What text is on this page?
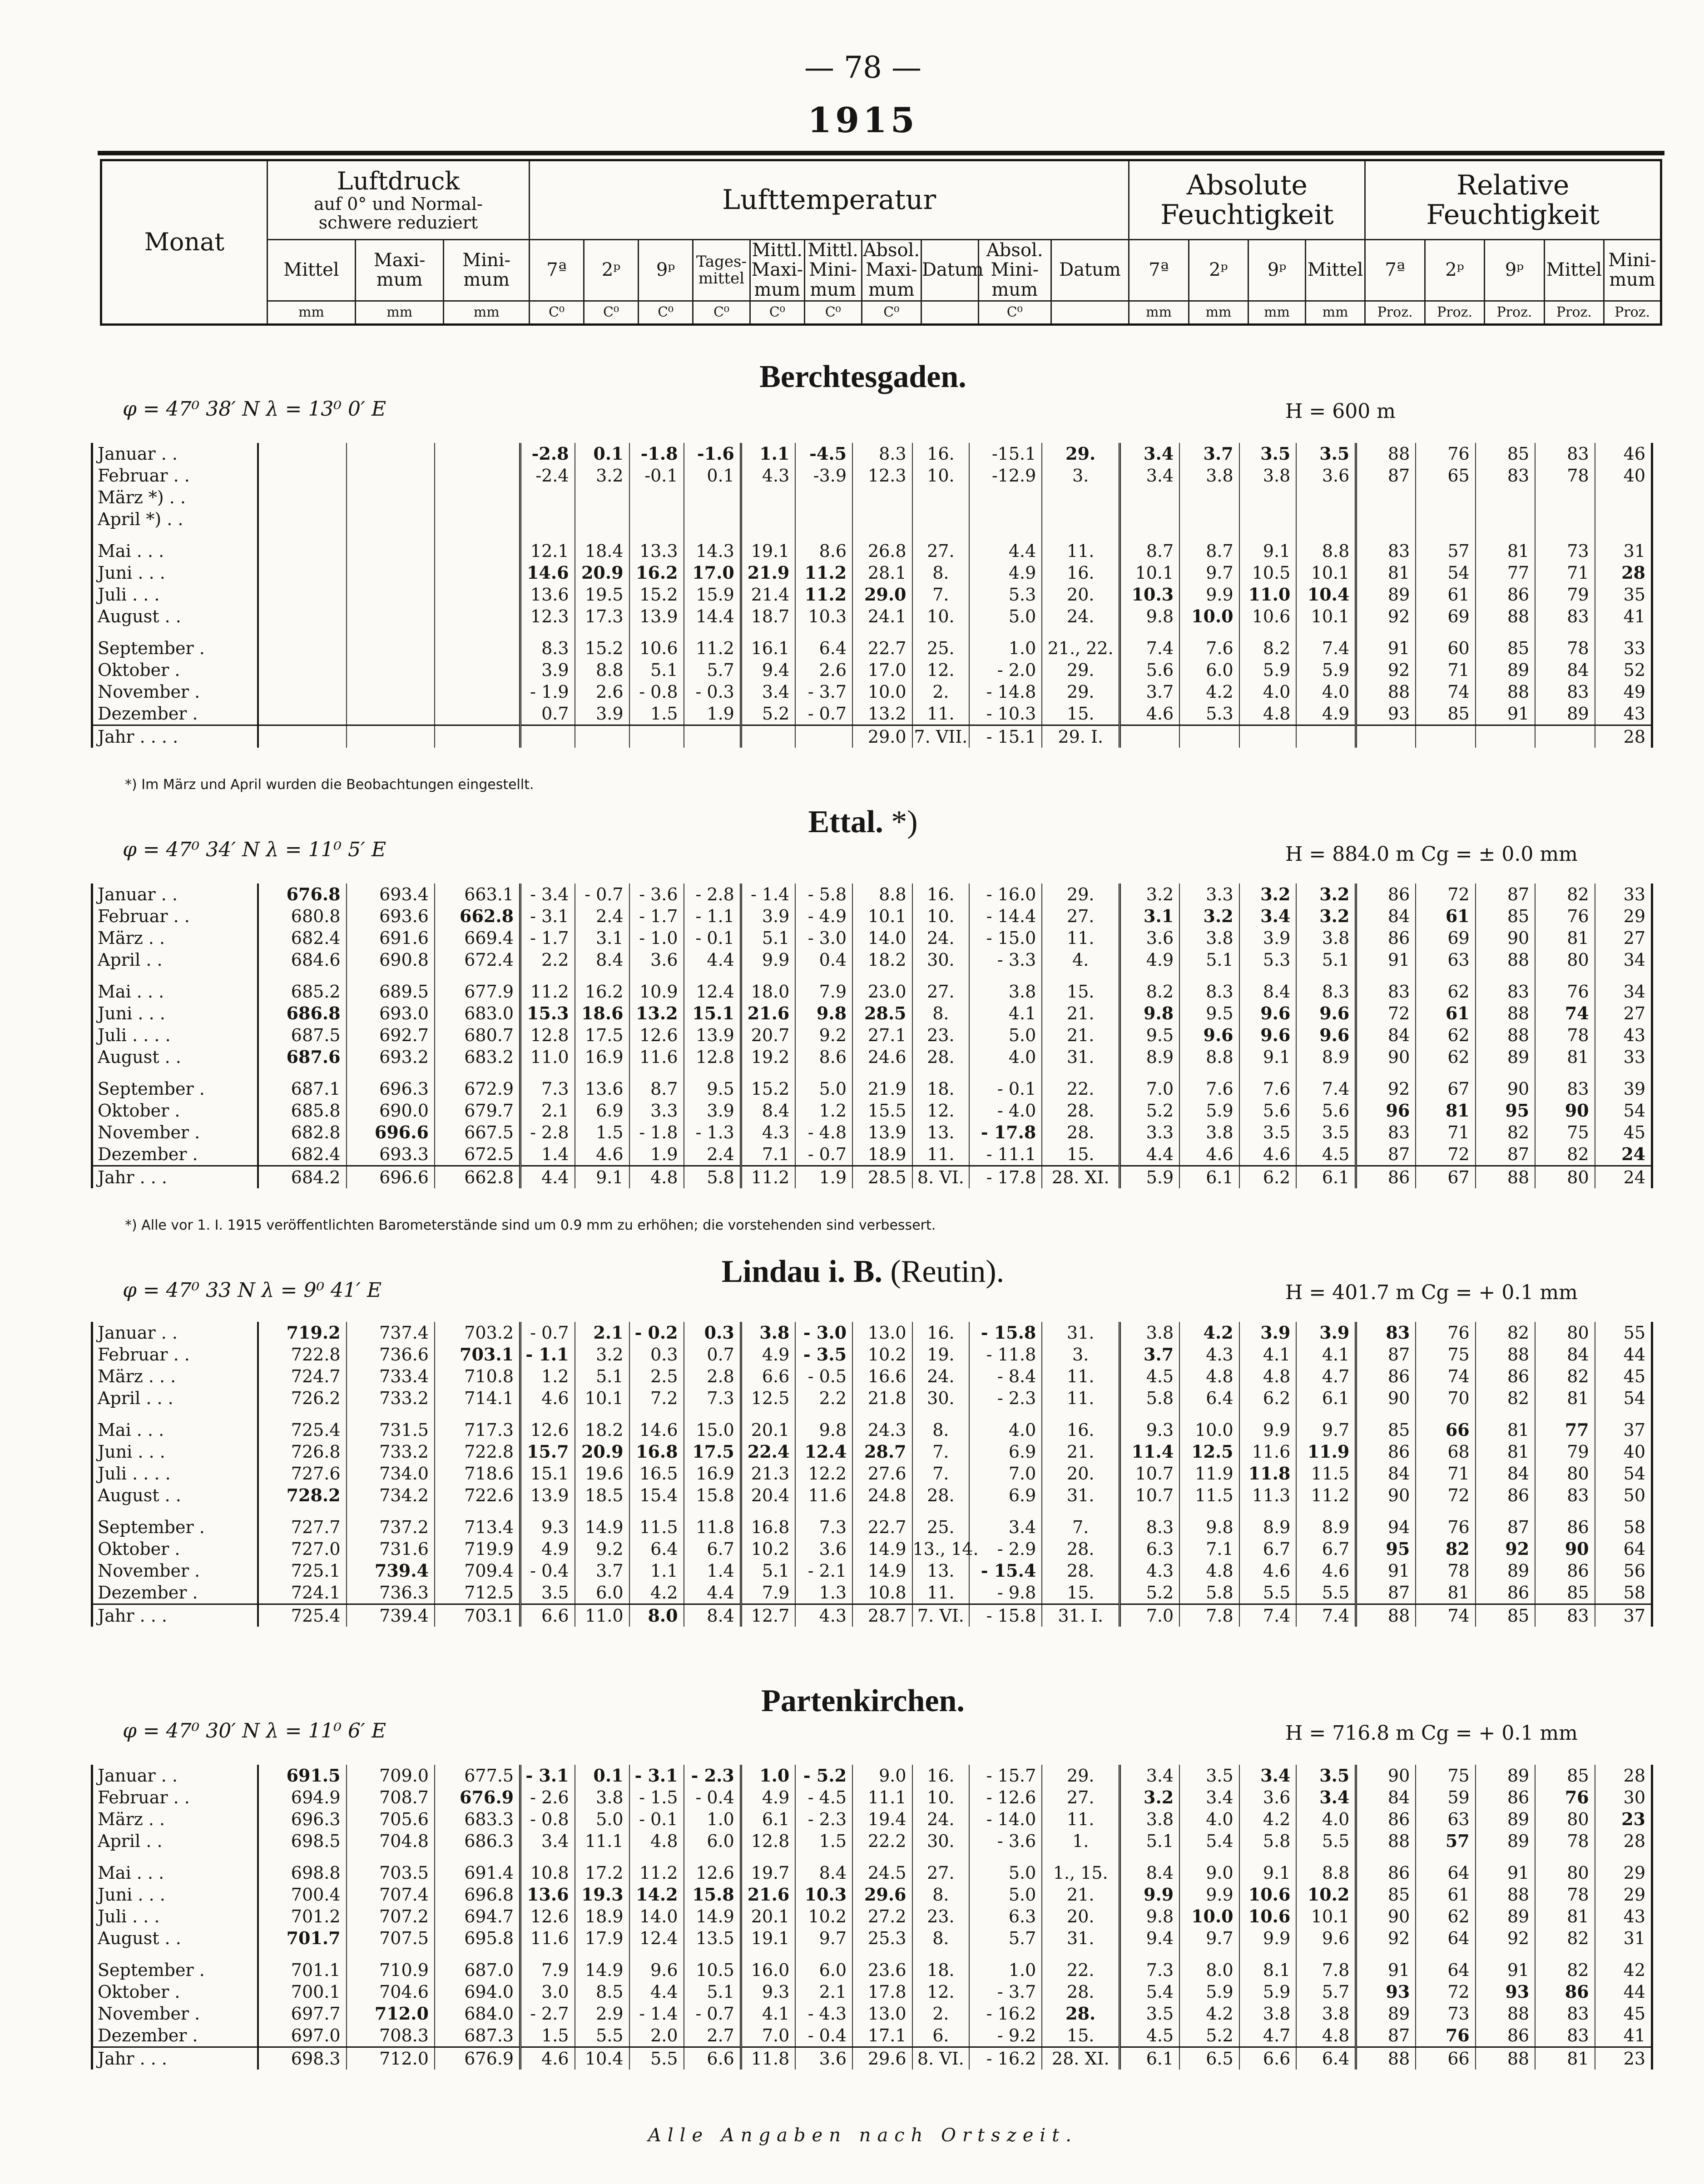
— 78 —
1915
Monat	Luftdruck
auf 0° und Normal-schwere reduziert			Lufttemperatur										Absolute Feuchtigkeit				Relative Feuchtigkeit				
	Mittel	Maxi-mum	Mini-mum	7ª	2ᵖ	9ᵖ	Tages-mittel	Mittl. Maxi-mum	Mittl. Mini-mum	Absol. Maxi-mum	Datum	Absol. Mini-mum	Datum	7ª	2ᵖ	9ᵖ	Mittel	7ª	2ᵖ	9ᵖ	Mittel	Mini-mum
	mm	mm	mm	C⁰	C⁰	C⁰	C⁰	C⁰	C⁰	C⁰		C⁰		mm	mm	mm	mm	Proz.	Proz.	Proz.	Proz.	Proz.
Berchtesgaden.
φ = 47⁰ 38′ N λ = 13⁰ 0′ E	H = 600 m
Januar . .				-2.8	0.1	-1.8	-1.6	1.1	-4.5	8.3	16.	-15.1	29.	3.4	3.7	3.5	3.5	88	76	85	83	46
Februar . .				-2.4	3.2	-0.1	0.1	4.3	-3.9	12.3	10.	-12.9	3.	3.4	3.8	3.8	3.6	87	65	83	78	40
März *) . .																						
April *) . .																						
Mai . . .				12.1	18.4	13.3	14.3	19.1	8.6	26.8	27.	4.4	11.	8.7	8.7	9.1	8.8	83	57	81	73	31
Juni . . .				14.6	20.9	16.2	17.0	21.9	11.2	28.1	8.	4.9	16.	10.1	9.7	10.5	10.1	81	54	77	71	28
Juli . . .				13.6	19.5	15.2	15.9	21.4	11.2	29.0	7.	5.3	20.	10.3	9.9	11.0	10.4	89	61	86	79	35
August . .				12.3	17.3	13.9	14.4	18.7	10.3	24.1	10.	5.0	24.	9.8	10.0	10.6	10.1	92	69	88	83	41
September .				8.3	15.2	10.6	11.2	16.1	6.4	22.7	25.	1.0	21., 22.	7.4	7.6	8.2	7.4	91	60	85	78	33
Oktober .				3.9	8.8	5.1	5.7	9.4	2.6	17.0	12.	- 2.0	29.	5.6	6.0	5.9	5.9	92	71	89	84	52
November .				- 1.9	2.6	- 0.8	- 0.3	3.4	- 3.7	10.0	2.	- 14.8	29.	3.7	4.2	4.0	4.0	88	74	88	83	49
Dezember .				0.7	3.9	1.5	1.9	5.2	- 0.7	13.2	11.	- 10.3	15.	4.6	5.3	4.8	4.9	93	85	91	89	43
Jahr . . . .										29.0	7. VII.	- 15.1	29. I.									28
*) Im März und April wurden die Beobachtungen eingestellt.
Ettal. *)
φ = 47⁰ 34′ N λ = 11⁰ 5′ E	H = 884.0 m Cg = ± 0.0 mm
Januar . .	676.8	693.4	663.1	- 3.4	- 0.7	- 3.6	- 2.8	- 1.4	- 5.8	8.8	16.	- 16.0	29.	3.2	3.3	3.2	3.2	86	72	87	82	33
Februar . .	680.8	693.6	662.8	- 3.1	2.4	- 1.7	- 1.1	3.9	- 4.9	10.1	10.	- 14.4	27.	3.1	3.2	3.4	3.2	84	61	85	76	29
März . .	682.4	691.6	669.4	- 1.7	3.1	- 1.0	- 0.1	5.1	- 3.0	14.0	24.	- 15.0	11.	3.6	3.8	3.9	3.8	86	69	90	81	27
April . .	684.6	690.8	672.4	2.2	8.4	3.6	4.4	9.9	0.4	18.2	30.	- 3.3	4.	4.9	5.1	5.3	5.1	91	63	88	80	34
Mai . . .	685.2	689.5	677.9	11.2	16.2	10.9	12.4	18.0	7.9	23.0	27.	3.8	15.	8.2	8.3	8.4	8.3	83	62	83	76	34
Juni . . .	686.8	693.0	683.0	15.3	18.6	13.2	15.1	21.6	9.8	28.5	8.	4.1	21.	9.8	9.5	9.6	9.6	72	61	88	74	27
Juli . . . .	687.5	692.7	680.7	12.8	17.5	12.6	13.9	20.7	9.2	27.1	23.	5.0	21.	9.5	9.6	9.6	9.6	84	62	88	78	43
August . .	687.6	693.2	683.2	11.0	16.9	11.6	12.8	19.2	8.6	24.6	28.	4.0	31.	8.9	8.8	9.1	8.9	90	62	89	81	33
September .	687.1	696.3	672.9	7.3	13.6	8.7	9.5	15.2	5.0	21.9	18.	- 0.1	22.	7.0	7.6	7.6	7.4	92	67	90	83	39
Oktober .	685.8	690.0	679.7	2.1	6.9	3.3	3.9	8.4	1.2	15.5	12.	- 4.0	28.	5.2	5.9	5.6	5.6	96	81	95	90	54
November .	682.8	696.6	667.5	- 2.8	1.5	- 1.8	- 1.3	4.3	- 4.8	13.9	13.	- 17.8	28.	3.3	3.8	3.5	3.5	83	71	82	75	45
Dezember .	682.4	693.3	672.5	1.4	4.6	1.9	2.4	7.1	- 0.7	18.9	11.	- 11.1	15.	4.4	4.6	4.6	4.5	87	72	87	82	24
Jahr . . .	684.2	696.6	662.8	4.4	9.1	4.8	5.8	11.2	1.9	28.5	8. VI.	- 17.8	28. XI.	5.9	6.1	6.2	6.1	86	67	88	80	24
*) Alle vor 1. I. 1915 veröffentlichten Barometerstände sind um 0.9 mm zu erhöhen; die vorstehenden sind verbessert.
Lindau i. B. (Reutin).
φ = 47⁰ 33 N λ = 9⁰ 41′ E	H = 401.7 m Cg = + 0.1 mm
Januar . .	719.2	737.4	703.2	- 0.7	2.1	- 0.2	0.3	3.8	- 3.0	13.0	16.	- 15.8	31.	3.8	4.2	3.9	3.9	83	76	82	80	55
Februar . .	722.8	736.6	703.1	- 1.1	3.2	0.3	0.7	4.9	- 3.5	10.2	19.	- 11.8	3.	3.7	4.3	4.1	4.1	87	75	88	84	44
März . . .	724.7	733.4	710.8	1.2	5.1	2.5	2.8	6.6	- 0.5	16.6	24.	- 8.4	11.	4.5	4.8	4.8	4.7	86	74	86	82	45
April . . .	726.2	733.2	714.1	4.6	10.1	7.2	7.3	12.5	2.2	21.8	30.	- 2.3	11.	5.8	6.4	6.2	6.1	90	70	82	81	54
Mai . . .	725.4	731.5	717.3	12.6	18.2	14.6	15.0	20.1	9.8	24.3	8.	4.0	16.	9.3	10.0	9.9	9.7	85	66	81	77	37
Juni . . .	726.8	733.2	722.8	15.7	20.9	16.8	17.5	22.4	12.4	28.7	7.	6.9	21.	11.4	12.5	11.6	11.9	86	68	81	79	40
Juli . . . .	727.6	734.0	718.6	15.1	19.6	16.5	16.9	21.3	12.2	27.6	7.	7.0	20.	10.7	11.9	11.8	11.5	84	71	84	80	54
August . .	728.2	734.2	722.6	13.9	18.5	15.4	15.8	20.4	11.6	24.8	28.	6.9	31.	10.7	11.5	11.3	11.2	90	72	86	83	50
September .	727.7	737.2	713.4	9.3	14.9	11.5	11.8	16.8	7.3	22.7	25.	3.4	7.	8.3	9.8	8.9	8.9	94	76	87	86	58
Oktober .	727.0	731.6	719.9	4.9	9.2	6.4	6.7	10.2	3.6	14.9	13., 14.	- 2.9	28.	6.3	7.1	6.7	6.7	95	82	92	90	64
November .	725.1	739.4	709.4	- 0.4	3.7	1.1	1.4	5.1	- 2.1	14.9	13.	- 15.4	28.	4.3	4.8	4.6	4.6	91	78	89	86	56
Dezember .	724.1	736.3	712.5	3.5	6.0	4.2	4.4	7.9	1.3	10.8	11.	- 9.8	15.	5.2	5.8	5.5	5.5	87	81	86	85	58
Jahr . . .	725.4	739.4	703.1	6.6	11.0	8.0	8.4	12.7	4.3	28.7	7. VI.	- 15.8	31. I.	7.0	7.8	7.4	7.4	88	74	85	83	37
Partenkirchen.
φ = 47⁰ 30′ N λ = 11⁰ 6′ E	H = 716.8 m Cg = + 0.1 mm
Januar . .	691.5	709.0	677.5	- 3.1	0.1	- 3.1	- 2.3	1.0	- 5.2	9.0	16.	- 15.7	29.	3.4	3.5	3.4	3.5	90	75	89	85	28
Februar . .	694.9	708.7	676.9	- 2.6	3.8	- 1.5	- 0.4	4.9	- 4.5	11.1	10.	- 12.6	27.	3.2	3.4	3.6	3.4	84	59	86	76	30
März . .	696.3	705.6	683.3	- 0.8	5.0	- 0.1	1.0	6.1	- 2.3	19.4	24.	- 14.0	11.	3.8	4.0	4.2	4.0	86	63	89	80	23
April . .	698.5	704.8	686.3	3.4	11.1	4.8	6.0	12.8	1.5	22.2	30.	- 3.6	1.	5.1	5.4	5.8	5.5	88	57	89	78	28
Mai . . .	698.8	703.5	691.4	10.8	17.2	11.2	12.6	19.7	8.4	24.5	27.	5.0	1., 15.	8.4	9.0	9.1	8.8	86	64	91	80	29
Juni . . .	700.4	707.4	696.8	13.6	19.3	14.2	15.8	21.6	10.3	29.6	8.	5.0	21.	9.9	9.9	10.6	10.2	85	61	88	78	29
Juli . . .	701.2	707.2	694.7	12.6	18.9	14.0	14.9	20.1	10.2	27.2	23.	6.3	20.	9.8	10.0	10.6	10.1	90	62	89	81	43
August . .	701.7	707.5	695.8	11.6	17.9	12.4	13.5	19.1	9.7	25.3	8.	5.7	31.	9.4	9.7	9.9	9.6	92	64	92	82	31
September .	701.1	710.9	687.0	7.9	14.9	9.6	10.5	16.0	6.0	23.6	18.	1.0	22.	7.3	8.0	8.1	7.8	91	64	91	82	42
Oktober .	700.1	704.6	694.0	3.0	8.5	4.4	5.1	9.3	2.1	17.8	12.	- 3.7	28.	5.4	5.9	5.9	5.7	93	72	93	86	44
November .	697.7	712.0	684.0	- 2.7	2.9	- 1.4	- 0.7	4.1	- 4.3	13.0	2.	- 16.2	28.	3.5	4.2	3.8	3.8	89	73	88	83	45
Dezember .	697.0	708.3	687.3	1.5	5.5	2.0	2.7	7.0	- 0.4	17.1	6.	- 9.2	15.	4.5	5.2	4.7	4.8	87	76	86	83	41
Jahr . . .	698.3	712.0	676.9	4.6	10.4	5.5	6.6	11.8	3.6	29.6	8. VI.	- 16.2	28. XI.	6.1	6.5	6.6	6.4	88	66	88	81	23
Alle Angaben nach Ortszeit.
